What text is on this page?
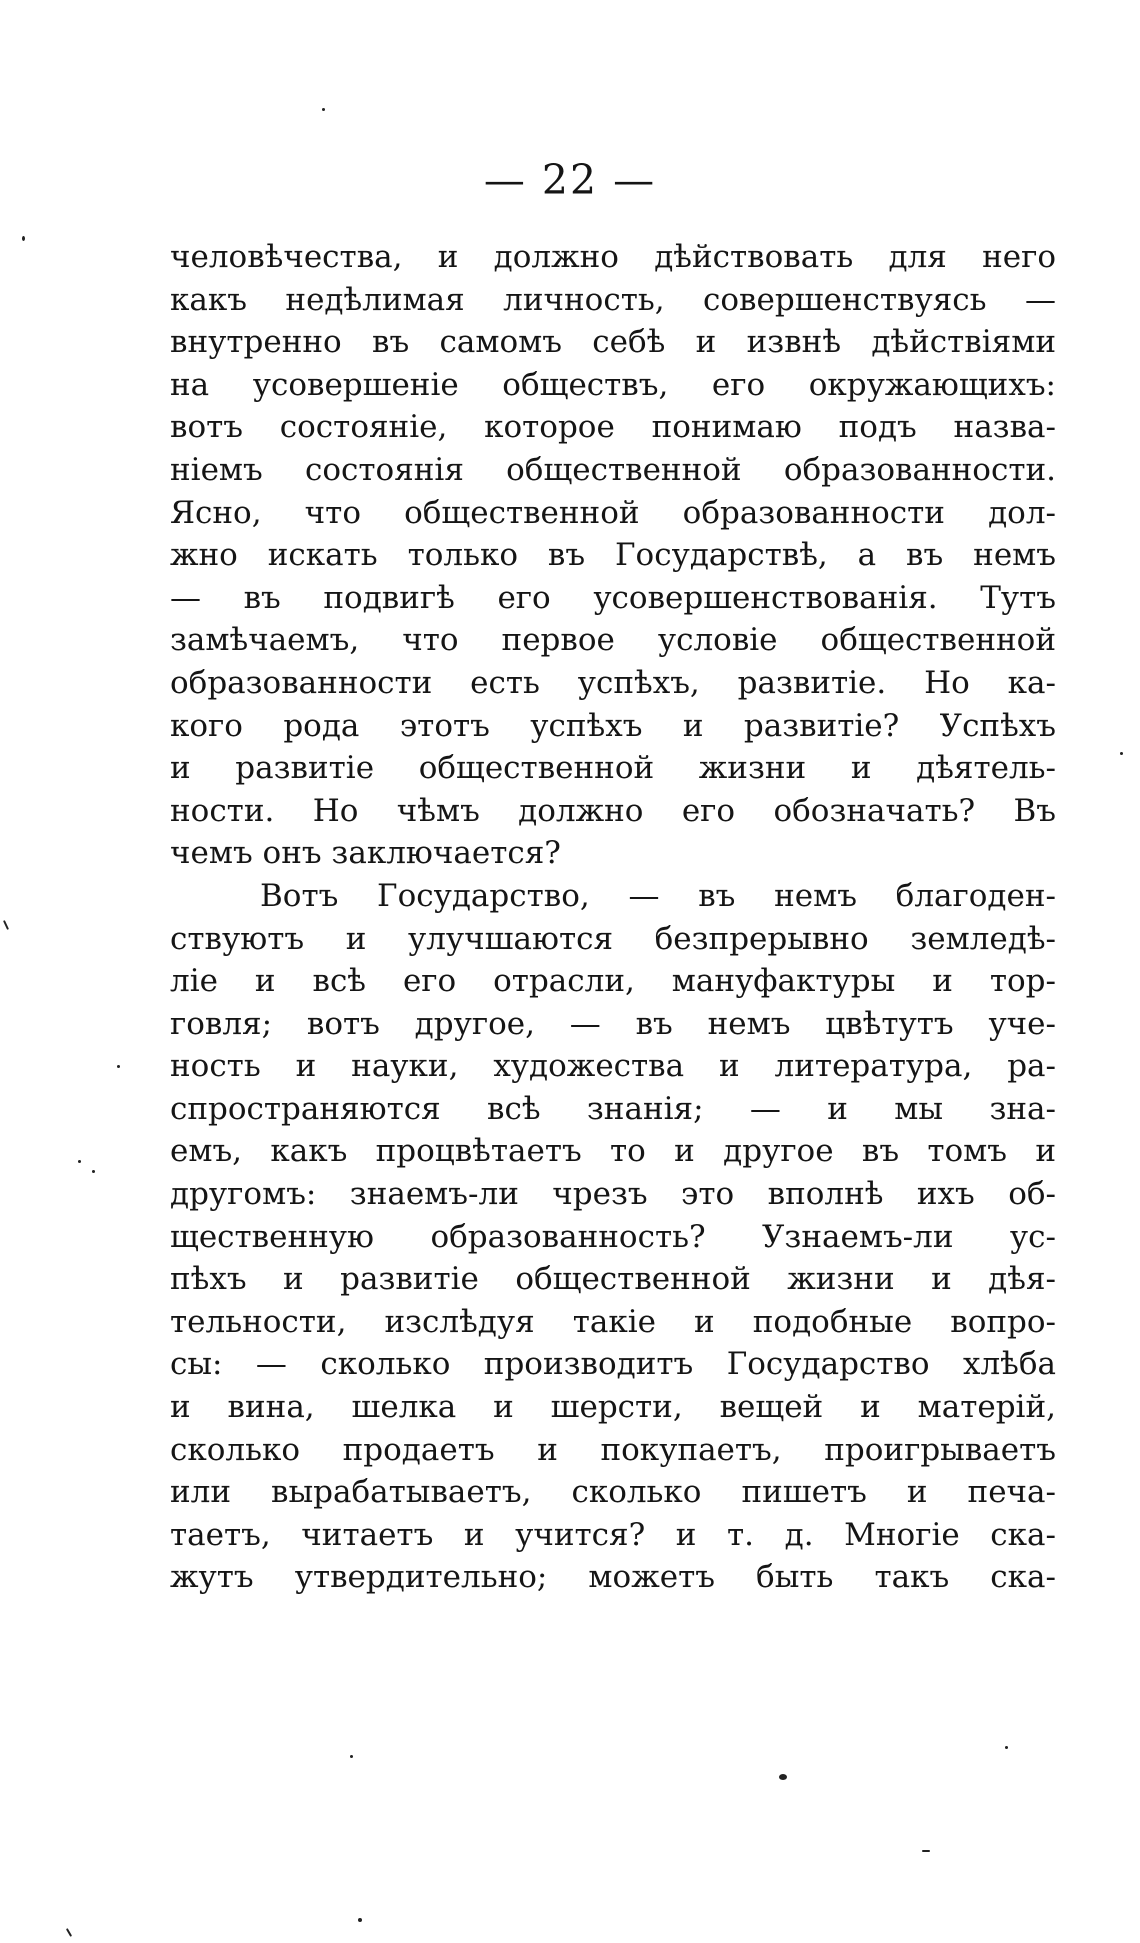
— 22 —
человѣчества, и должно дѣйствовать для него
какъ недѣлимая личность, совершенствуясь —
внутренно въ самомъ себѣ и извнѣ дѣйствіями
на усовершеніе обществъ, его окружающихъ:
вотъ состояніе, которое понимаю подъ назва-
ніемъ состоянія общественной образованности.
Ясно, что общественной образованности дол-
жно искать только въ Государствѣ, а въ немъ
— въ подвигѣ его усовершенствованія. Тутъ
замѣчаемъ, что первое условіе общественной
образованности есть успѣхъ, развитіе. Но ка-
кого рода этотъ успѣхъ и развитіе? Успѣхъ
и развитіе общественной жизни и дѣятель-
ности. Но чѣмъ должно его обозначать? Въ
чемъ онъ заключается?
Вотъ Государство, — въ немъ благоден-
ствуютъ и улучшаются безпрерывно земледѣ-
ліе и всѣ его отрасли, мануфактуры и тор-
говля; вотъ другое, — въ немъ цвѣтутъ уче-
ность и науки, художества и литература, ра-
спространяются всѣ знанія; — и мы зна-
емъ, какъ процвѣтаетъ то и другое въ томъ и
другомъ: знаемъ-ли чрезъ это вполнѣ ихъ об-
щественную образованность? Узнаемъ-ли ус-
пѣхъ и развитіе общественной жизни и дѣя-
тельности, изслѣдуя такіе и подобные вопро-
сы: — сколько производитъ Государство хлѣба
и вина, шелка и шерсти, вещей и матерій,
сколько продаетъ и покупаетъ, проигрываетъ
или вырабатываетъ, сколько пишетъ и печа-
таетъ, читаетъ и учится? и т. д. Многіе ска-
жутъ утвердительно; можетъ быть такъ ска-
